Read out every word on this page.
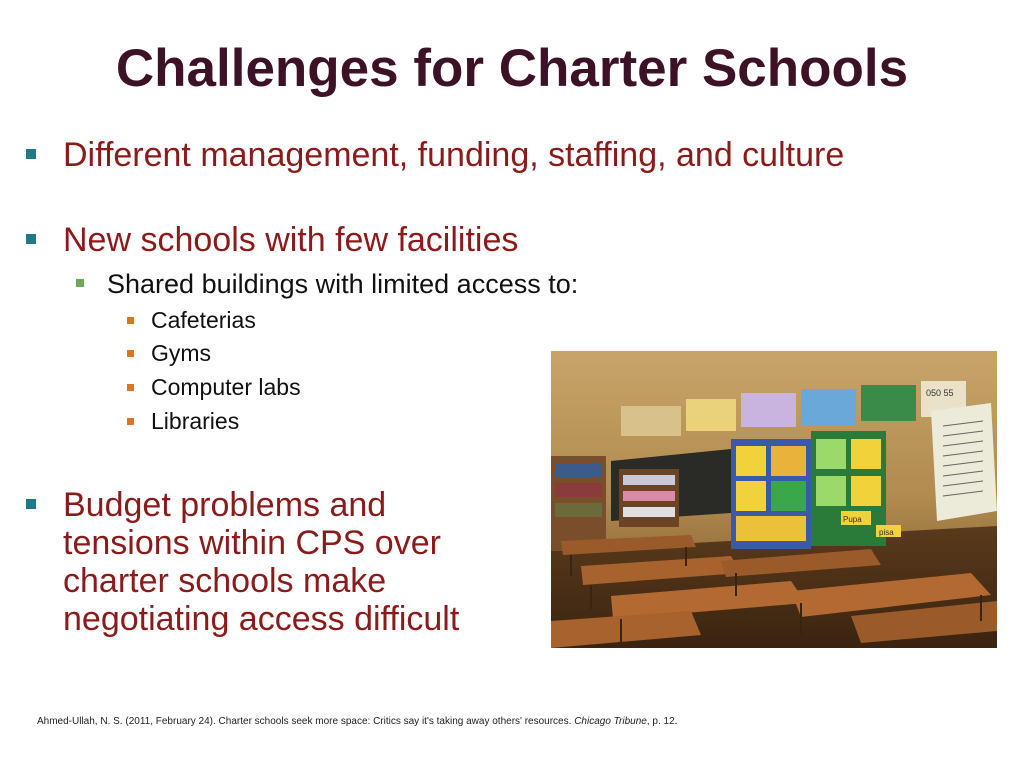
Challenges for Charter Schools
Different management, funding, staffing, and culture
New schools with few facilities
Shared buildings with limited access to:
Cafeterias
Gyms
Computer labs
Libraries
Budget problems and
tensions within CPS over
charter schools make
negotiating access difficult
050 55
Pupa
pisa
Ahmed-Ullah, N. S. (2011, February 24). Charter schools seek more space: Critics say it's taking away others' resources. Chicago Tribune, p. 12.
